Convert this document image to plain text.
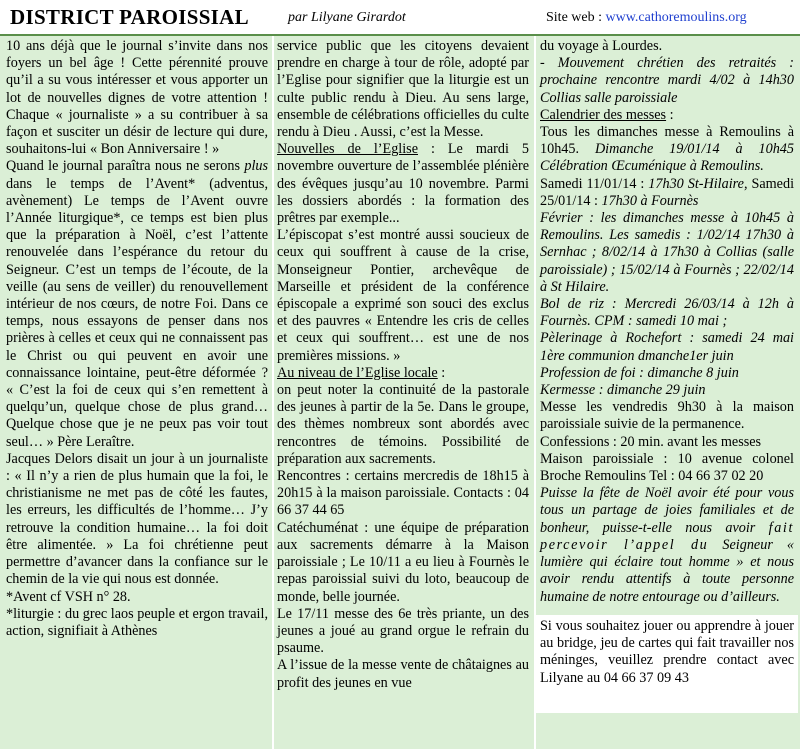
DISTRICT PAROISSIAL	par Lilyane Girardot	Site web : www.cathoremoulins.org

10 ans déjà que le journal s’invite dans nos foyers un bel âge ! Cette pérennité prouve qu’il a su vous intéresser et vous apporter un lot de nouvelles dignes de votre attention ! Chaque « journaliste » a su contribuer à sa façon et susciter un désir de lecture qui dure, souhaitons-lui « Bon Anniversaire ! »

Quand le journal paraîtra nous ne serons plus dans le temps de l’Avent* (adventus, avènement) Le temps de l’Avent ouvre l’Année liturgique*, ce temps est bien plus que la préparation à Noël, c’est l’attente renouvelée dans l’espérance du retour du Seigneur. C’est un temps de l’écoute, de la veille (au sens de veiller) du renouvellement intérieur de nos cœurs, de notre Foi. Dans ce temps, nous essayons de penser dans nos prières à celles et ceux qui ne connaissent pas le Christ ou qui peuvent en avoir une connaissance lointaine, peut-être déformée ? « C’est la foi de ceux qui s’en remettent à quelqu’un, quelque chose de plus grand… Quelque chose que je ne peux pas voir tout seul… » Père Leraître.

Jacques Delors disait un jour à un journaliste : « Il n’y a rien de plus humain que la foi, le christianisme ne met pas de côté les fautes, les erreurs, les difficultés de l’homme… J’y retrouve la condition humaine… la foi doit être alimentée. » La foi chrétienne peut permettre d’avancer dans la confiance sur le chemin de la vie qui nous est donnée.

*Avent cf VSH n° 28.

*liturgie : du grec laos peuple et ergon travail, action, signifiait à Athènes

service public que les citoyens devaient prendre en charge à tour de rôle, adopté par l’Eglise pour signifier que la liturgie est un culte public rendu à Dieu. Au sens large, ensemble de célébrations officielles du culte rendu à Dieu . Aussi, c’est la Messe.

Nouvelles de l’Eglise : Le mardi 5 novembre ouverture de l’assemblée plénière des évêques jusqu’au 10 novembre. Parmi les dossiers abordés : la formation des prêtres par exemple...

L’épiscopat s’est montré aussi soucieux de ceux qui souffrent à cause de la crise, Monseigneur Pontier, archevêque de Marseille et président de la conférence épiscopale a exprimé son souci des exclus et des pauvres « Entendre les cris de celles et ceux qui souffrent… est une de nos premières missions. »

Au niveau de l’Eglise locale :

on peut noter la continuité de la pastorale des jeunes à partir de la 5e. Dans le groupe, des thèmes nombreux sont abordés avec rencontres de témoins. Possibilité de préparation aux sacrements.

Rencontres : certains mercredis de 18h15 à 20h15 à la maison paroissiale. Contacts : 04 66 37 44 65

Catéchuménat : une équipe de préparation aux sacrements démarre à la Maison paroissiale ; Le 10/11 a eu lieu à Fournès le repas paroissial suivi du loto, beaucoup de monde, belle journée.

Le 17/11 messe des 6e très priante, un des jeunes a joué au grand orgue le refrain du psaume.

A l’issue de la messe vente de châtaignes au profit des jeunes en vue

du voyage à Lourdes.

- Mouvement chrétien des retraités : prochaine rencontre mardi 4/02 à 14h30 Collias salle paroissiale

Calendrier des messes :

Tous les dimanches messe à Remoulins à 10h45. Dimanche 19/01/14 à 10h45 Célébration Œcuménique à Remoulins.

Samedi 11/01/14 : 17h30 St-Hilaire, Samedi 25/01/14 : 17h30 à Fournès

Février : les dimanches messe à 10h45 à Remoulins. Les samedis : 1/02/14 17h30 à Sernhac ; 8/02/14 à 17h30 à Collias (salle paroissiale) ; 15/02/14 à Fournès ; 22/02/14 à St Hilaire.

Bol de riz : Mercredi 26/03/14 à 12h à Fournès. CPM : samedi 10 mai ;

Pèlerinage à Rochefort : samedi 24 mai 1ère communion dmanche1er juin

Profession de foi : dimanche 8 juin

Kermesse : dimanche 29 juin

Messe les vendredis 9h30 à la maison paroissiale suivie de la permanence.

Confessions : 20 min. avant les messes

Maison paroissiale : 10 avenue colonel Broche Remoulins Tel : 04 66 37 02 20

Puisse la fête de Noël avoir été pour vous tous un partage de joies familiales et de bonheur, puisse-t-elle nous avoir fait percevoir l’appel du Seigneur « lumière qui éclaire tout homme » et nous avoir rendu attentifs à toute personne humaine de notre entourage ou d’ailleurs.

Si vous souhaitez jouer ou apprendre à jouer au bridge, jeu de cartes qui fait travailler nos méninges, veuillez prendre contact avec Lilyane au 04 66 37 09 43
